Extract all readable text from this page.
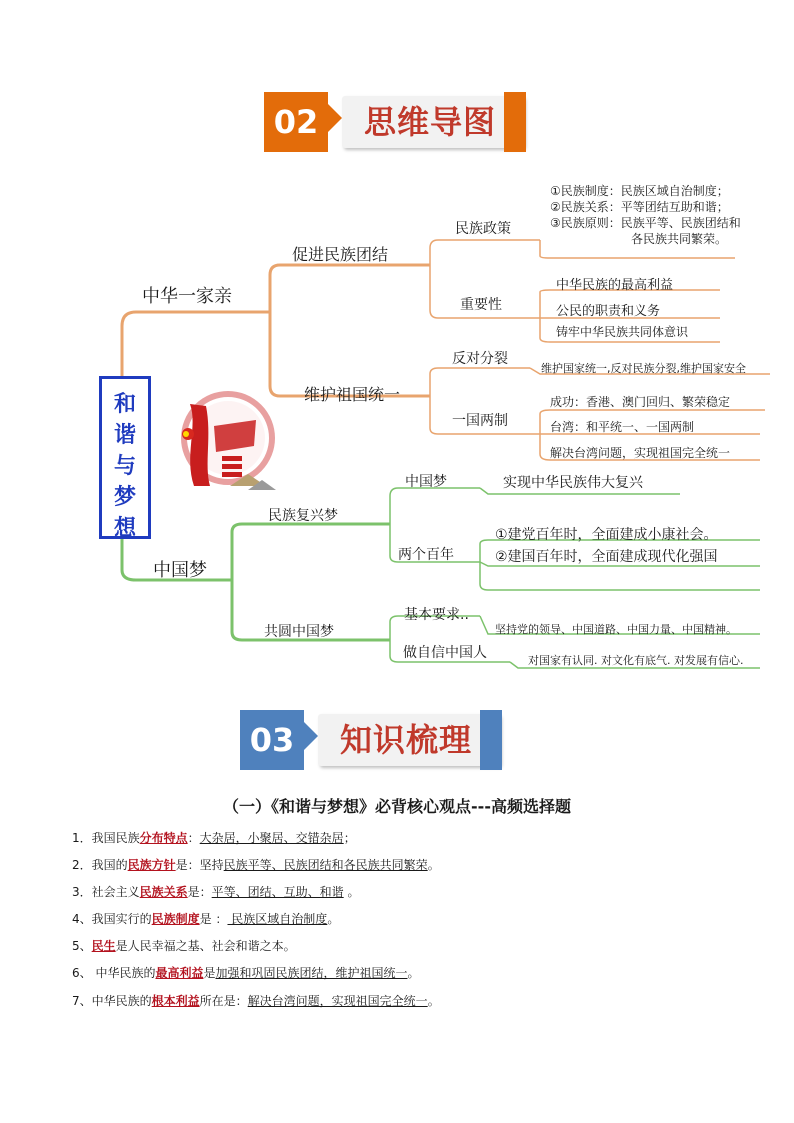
02	思维导图
和
谐
与
梦
想
中华一家亲
促进民族团结
民族政策
①民族制度：民族区域自治制度；
②民族关系：平等团结互助和谐；
③民族原则：民族平等、民族团结和
各民族共同繁荣。
重要性
中华民族的最高利益
公民的职责和义务
铸牢中华民族共同体意识
维护祖国统一
反对分裂
维护国家统一,反对民族分裂,维护国家安全
一国两制
成功：香港、澳门回归、繁荣稳定
台湾：和平统一、一国两制
解决台湾问题，实现祖国完全统一
中国梦
民族复兴梦
中国梦	实现中华民族伟大复兴
两个百年
①建党百年时，全面建成小康社会。
②建国百年时，全面建成现代化强国
共圆中国梦
基本要求..
坚持党的领导、中国道路、中国力量、中国精神。
做自信中国人	对国家有认同. 对文化有底气. 对发展有信心.
03	知识梳理
（一）《和谐与梦想》必背核心观点---高频选择题
1．我国民族分布特点：大杂居，小聚居、交错杂居；
2．我国的民族方针是：坚持民族平等、民族团结和各民族共同繁荣。
3．社会主义民族关系是：平等、团结、互助、和谐 。
4、我国实行的民族制度是 ： 民族区域自治制度。
5、民生是人民幸福之基、社会和谐之本。
6、 中华民族的最高利益是加强和巩固民族团结，维护祖国统一。
7、中华民族的根本利益所在是：解决台湾问题，实现祖国完全统一。
